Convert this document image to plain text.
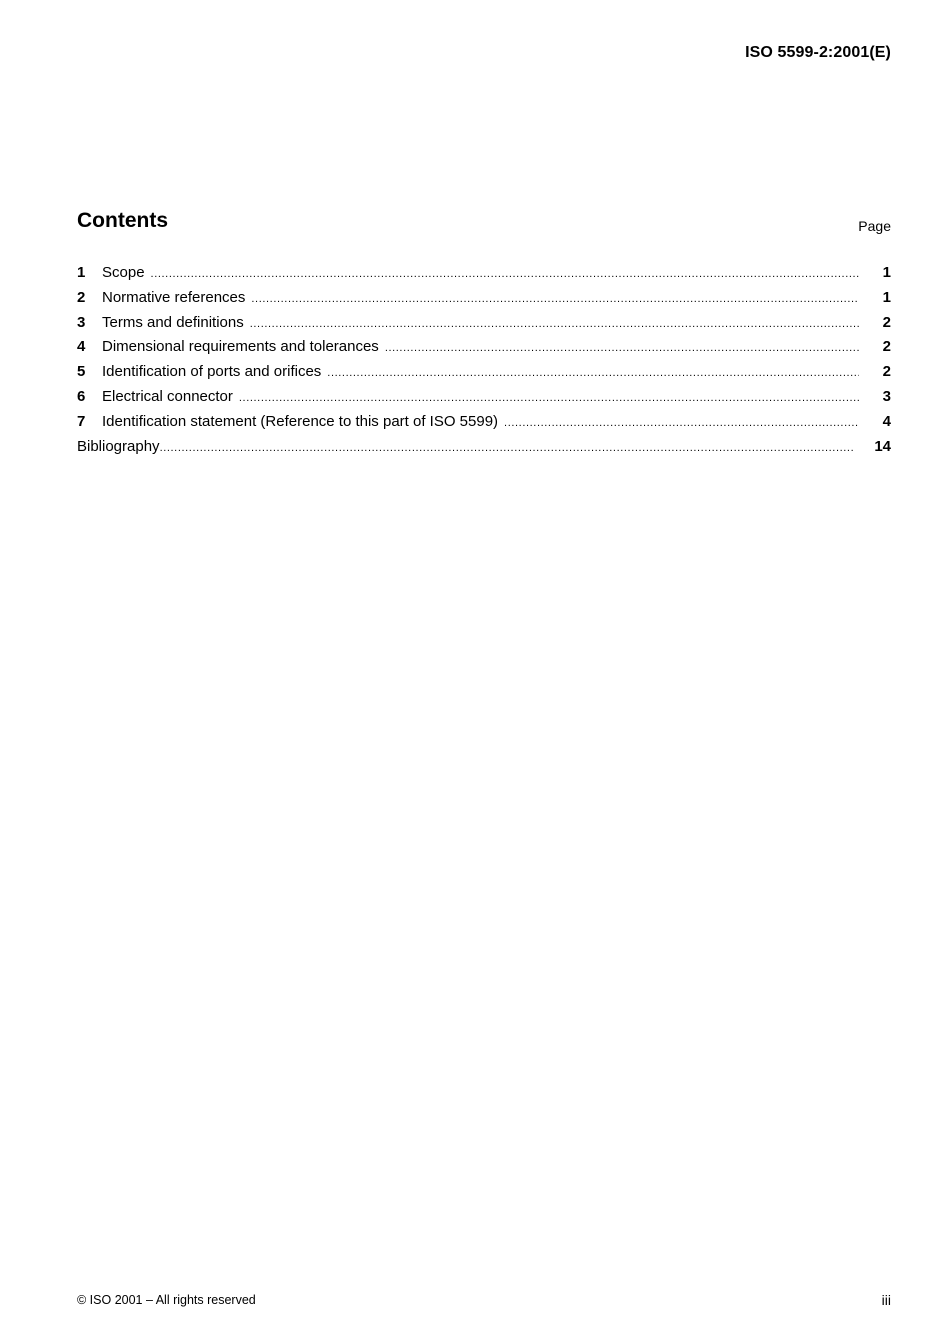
ISO 5599-2:2001(E)
Contents	Page
1	Scope .....	1
2	Normative references .....	1
3	Terms and definitions .....	2
4	Dimensional requirements and tolerances .....	2
5	Identification of ports and orifices .....	2
6	Electrical connector .....	3
7	Identification statement (Reference to this part of ISO 5599) .....	4
Bibliography .....	14
© ISO 2001 – All rights reserved	iii
